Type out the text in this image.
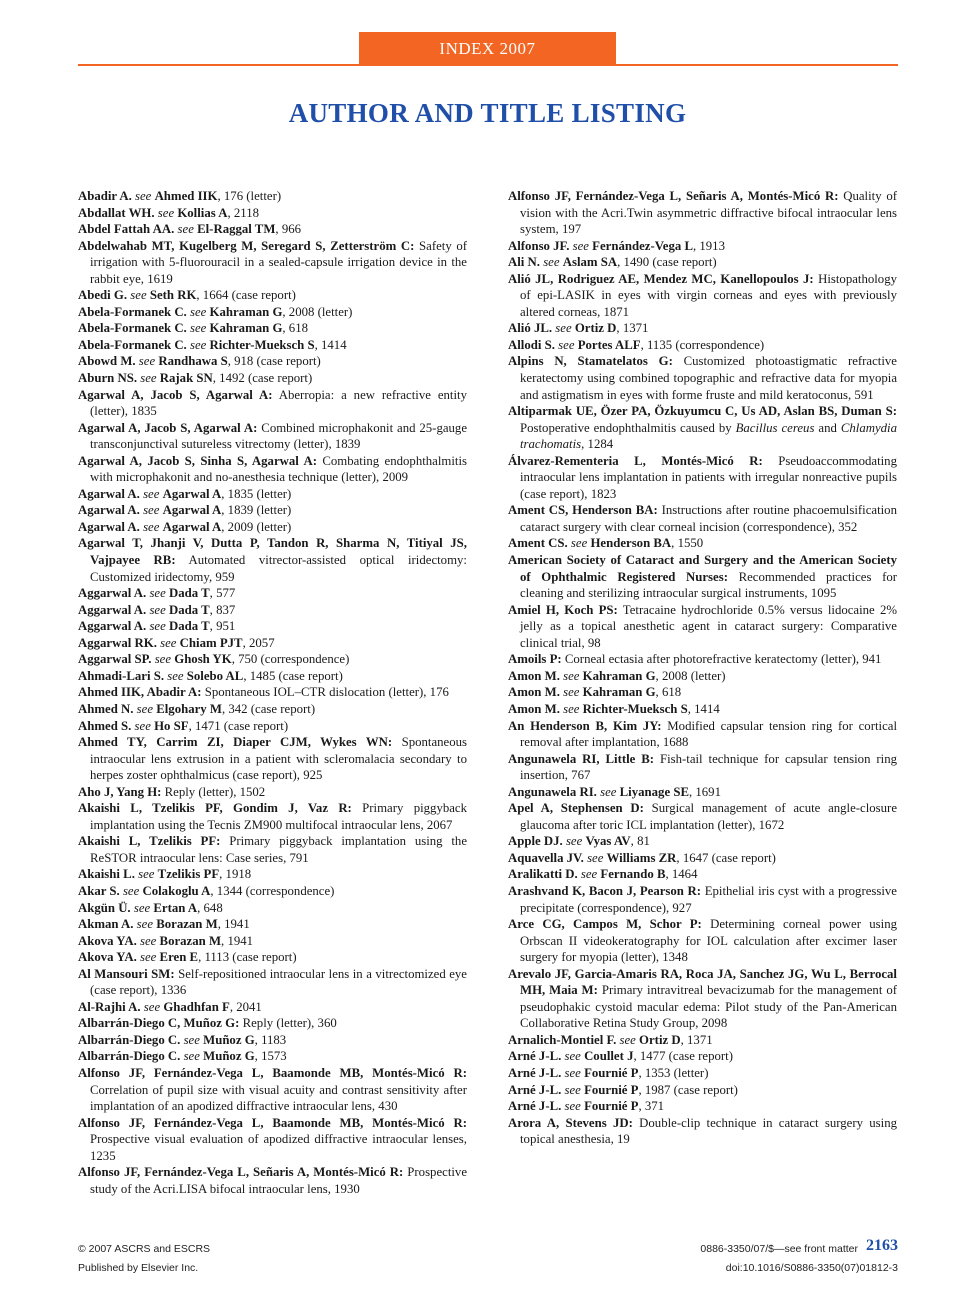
INDEX 2007
AUTHOR AND TITLE LISTING

Abadir A. see Ahmed IIK, 176 (letter)

Abdallat WH. see Kollias A, 2118

Abdel Fattah AA. see El-Raggal TM, 966

Abdelwahab MT, Kugelberg M, Seregard S, Zetterström C: Safety of irrigation with 5-fluorouracil in a sealed-capsule irrigation device in the rabbit eye, 1619

Abedi G. see Seth RK, 1664 (case report)

Abela-Formanek C. see Kahraman G, 2008 (letter)

Abela-Formanek C. see Kahraman G, 618

Abela-Formanek C. see Richter-Mueksch S, 1414

Abowd M. see Randhawa S, 918 (case report)

Aburn NS. see Rajak SN, 1492 (case report)

Agarwal A, Jacob S, Agarwal A: Aberropia: a new refractive entity (letter), 1835

Agarwal A, Jacob S, Agarwal A: Combined microphakonit and 25-gauge transconjunctival sutureless vitrectomy (letter), 1839

Agarwal A, Jacob S, Sinha S, Agarwal A: Combating endophthalmitis with microphakonit and no-anesthesia technique (letter), 2009

Agarwal A. see Agarwal A, 1835 (letter)

Agarwal A. see Agarwal A, 1839 (letter)

Agarwal A. see Agarwal A, 2009 (letter)

Agarwal T, Jhanji V, Dutta P, Tandon R, Sharma N, Titiyal JS, Vajpayee RB: Automated vitrector-assisted optical iridectomy: Customized iridectomy, 959

Aggarwal A. see Dada T, 577

Aggarwal A. see Dada T, 837

Aggarwal A. see Dada T, 951

Aggarwal RK. see Chiam PJT, 2057

Aggarwal SP. see Ghosh YK, 750 (correspondence)

Ahmadi-Lari S. see Solebo AL, 1485 (case report)

Ahmed IIK, Abadir A: Spontaneous IOL–CTR dislocation (letter), 176

Ahmed N. see Elgohary M, 342 (case report)

Ahmed S. see Ho SF, 1471 (case report)

Ahmed TY, Carrim ZI, Diaper CJM, Wykes WN: Spontaneous intraocular lens extrusion in a patient with scleromalacia secondary to herpes zoster ophthalmicus (case report), 925

Aho J, Yang H: Reply (letter), 1502

Akaishi L, Tzelikis PF, Gondim J, Vaz R: Primary piggyback implantation using the Tecnis ZM900 multifocal intraocular lens, 2067

Akaishi L, Tzelikis PF: Primary piggyback implantation using the ReSTOR intraocular lens: Case series, 791

Akaishi L. see Tzelikis PF, 1918

Akar S. see Colakoglu A, 1344 (correspondence)

Akgün Ü. see Ertan A, 648

Akman A. see Borazan M, 1941

Akova YA. see Borazan M, 1941

Akova YA. see Eren E, 1113 (case report)

Al Mansouri SM: Self-repositioned intraocular lens in a vitrectomized eye (case report), 1336

Al-Rajhi A. see Ghadhfan F, 2041

Albarrán-Diego C, Muñoz G: Reply (letter), 360

Albarrán-Diego C. see Muñoz G, 1183

Albarrán-Diego C. see Muñoz G, 1573

Alfonso JF, Fernández-Vega L, Baamonde MB, Montés-Micó R: Correlation of pupil size with visual acuity and contrast sensitivity after implantation of an apodized diffractive intraocular lens, 430

Alfonso JF, Fernández-Vega L, Baamonde MB, Montés-Micó R: Prospective visual evaluation of apodized diffractive intraocular lenses, 1235

Alfonso JF, Fernández-Vega L, Señaris A, Montés-Micó R: Prospective study of the Acri.LISA bifocal intraocular lens, 1930

Alfonso JF, Fernández-Vega L, Señaris A, Montés-Micó R: Quality of vision with the Acri.Twin asymmetric diffractive bifocal intraocular lens system, 197

Alfonso JF. see Fernández-Vega L, 1913

Ali N. see Aslam SA, 1490 (case report)

Alió JL, Rodriguez AE, Mendez MC, Kanellopoulos J: Histopathology of epi-LASIK in eyes with virgin corneas and eyes with previously altered corneas, 1871

Alió JL. see Ortiz D, 1371

Allodi S. see Portes ALF, 1135 (correspondence)

Alpins N, Stamatelatos G: Customized photoastigmatic refractive keratectomy using combined topographic and refractive data for myopia and astigmatism in eyes with forme fruste and mild keratoconus, 591

Altiparmak UE, Özer PA, Özkuyumcu C, Us AD, Aslan BS, Duman S: Postoperative endophthalmitis caused by Bacillus cereus and Chlamydia trachomatis, 1284

Álvarez-Rementeria L, Montés-Micó R: Pseudoaccommodating intraocular lens implantation in patients with irregular nonreactive pupils (case report), 1823

Ament CS, Henderson BA: Instructions after routine phacoemulsification cataract surgery with clear corneal incision (correspondence), 352

Ament CS. see Henderson BA, 1550

American Society of Cataract and Surgery and the American Society of Ophthalmic Registered Nurses: Recommended practices for cleaning and sterilizing intraocular surgical instruments, 1095

Amiel H, Koch PS: Tetracaine hydrochloride 0.5% versus lidocaine 2% jelly as a topical anesthetic agent in cataract surgery: Comparative clinical trial, 98

Amoils P: Corneal ectasia after photorefractive keratectomy (letter), 941

Amon M. see Kahraman G, 2008 (letter)

Amon M. see Kahraman G, 618

Amon M. see Richter-Mueksch S, 1414

An Henderson B, Kim JY: Modified capsular tension ring for cortical removal after implantation, 1688

Angunawela RI, Little B: Fish-tail technique for capsular tension ring insertion, 767

Angunawela RI. see Liyanage SE, 1691

Apel A, Stephensen D: Surgical management of acute angle-closure glaucoma after toric ICL implantation (letter), 1672

Apple DJ. see Vyas AV, 81

Aquavella JV. see Williams ZR, 1647 (case report)

Aralikatti D. see Fernando B, 1464

Arashvand K, Bacon J, Pearson R: Epithelial iris cyst with a progressive precipitate (correspondence), 927

Arce CG, Campos M, Schor P: Determining corneal power using Orbscan II videokeratography for IOL calculation after excimer laser surgery for myopia (letter), 1348

Arevalo JF, Garcia-Amaris RA, Roca JA, Sanchez JG, Wu L, Berrocal MH, Maia M: Primary intravitreal bevacizumab for the management of pseudophakic cystoid macular edema: Pilot study of the Pan-American Collaborative Retina Study Group, 2098

Arnalich-Montiel F. see Ortiz D, 1371

Arné J-L. see Coullet J, 1477 (case report)

Arné J-L. see Fournié P, 1353 (letter)

Arné J-L. see Fournié P, 1987 (case report)

Arné J-L. see Fournié P, 371

Arora A, Stevens JD: Double-clip technique in cataract surgery using topical anesthesia, 19

© 2007 ASCRS and ESCRS
Published by Elsevier Inc.
0886-3350/07/$—see front matter
doi:10.1016/S0886-3350(07)01812-3
2163
